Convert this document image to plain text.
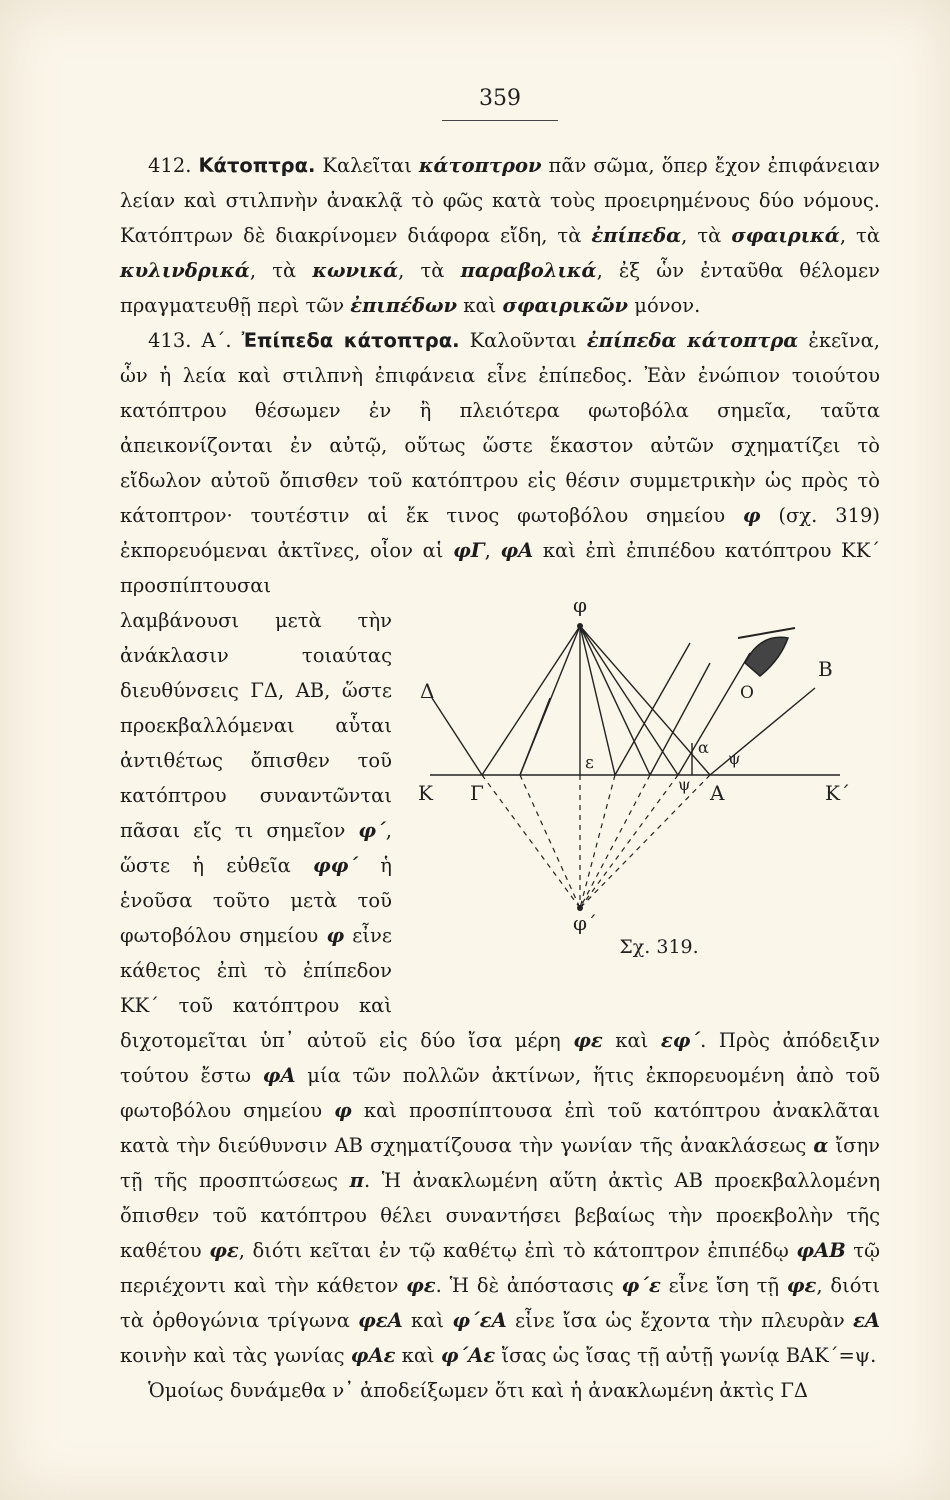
359

412. Κάτοπτρα. Καλεῖται κάτοπτρον πᾶν σῶμα, ὅπερ ἔχον ἐπιφάνειαν λείαν καὶ στιλπνὴν ἀνακλᾷ τὸ φῶς κατὰ τοὺς προειρημένους δύο νόμους. Κατόπτρων δὲ διακρίνομεν διάφορα εἴδη, τὰ ἐπίπεδα, τὰ σφαιρικά, τὰ κυλινδρικά, τὰ κωνικά, τὰ παραβολικά, ἐξ ὧν ἐνταῦθα θέλομεν πραγματευθῇ περὶ τῶν ἐπιπέδων καὶ σφαιρικῶν μόνον.

413. Α΄. Ἐπίπεδα κάτοπτρα. Καλοῦνται ἐπίπεδα κάτοπτρα ἐκεῖνα, ὧν ἡ λεία καὶ στιλπνὴ ἐπιφάνεια εἶνε ἐπίπεδος. Ἐὰν ἐνώπιον τοιούτου κατόπτρου θέσωμεν ἐν ἢ πλειότερα φωτοβόλα σημεῖα, ταῦτα ἀπεικονίζονται ἐν αὐτῷ, οὕτως ὥστε ἕκαστον αὐτῶν σχηματίζει τὸ εἴδωλον αὐτοῦ ὄπισθεν τοῦ κατόπτρου εἰς θέσιν συμμετρικὴν ὡς πρὸς τὸ κάτοπτρον· τουτέστιν αἱ ἔκ τινος φωτοβόλου σημείου φ (σχ. 319) ἐκπορευόμεναι ἀκτῖνες, οἷον αἱ φΓ, φΑ
φ
φ΄
Κ	Κ΄
Γ
Δ
Α
Β
ε
Ο
α
ψ
ψ
Σχ. 319.
καὶ ἐπὶ ἐπιπέδου κατόπτρου ΚΚ΄ προσπίπτουσαι λαμβάνουσι μετὰ τὴν ἀνάκλασιν τοιαύτας διευθύνσεις ΓΔ, ΑΒ, ὥστε προεκβαλλόμεναι αὗται ἀντιθέτως ὄπισθεν τοῦ κατόπτρου συναντῶνται πᾶσαι εἴς τι σημεῖον φ΄, ὥστε ἡ εὐθεῖα φφ΄ ἡ ἑνοῦσα τοῦτο μετὰ τοῦ φωτοβόλου σημείου φ εἶνε κάθετος ἐπὶ τὸ ἐπίπεδον ΚΚ΄ τοῦ κατόπτρου καὶ διχοτομεῖται ὑπ᾽ αὐτοῦ εἰς δύο ἴσα μέρη φε καὶ εφ΄. Πρὸς ἀπόδειξιν τούτου ἔστω φΑ μία τῶν πολλῶν ἀκτίνων, ἥτις ἐκπορευομένη ἀπὸ τοῦ φωτοβόλου σημείου φ καὶ προσπίπτουσα ἐπὶ τοῦ κατόπτρου ἀνακλᾶται κατὰ τὴν διεύθυνσιν ΑΒ σχηματίζουσα τὴν γωνίαν τῆς ἀνακλάσεως α ἴσην τῇ τῆς προσπτώσεως π. Ἡ ἀνακλωμένη αὕτη ἀκτὶς ΑΒ προεκβαλλομένη ὄπισθεν τοῦ κατόπτρου θέλει συναντήσει βεβαίως τὴν προεκβολὴν τῆς καθέτου φε, διότι κεῖται ἐν τῷ καθέτῳ ἐπὶ τὸ κάτοπτρον ἐπιπέδῳ φΑΒ τῷ περιέχοντι καὶ τὴν κάθετον φε. Ἡ δὲ ἀπόστασις φ΄ε εἶνε ἴση τῇ φε, διότι τὰ ὀρθογώνια τρίγωνα φεΑ καὶ φ΄εΑ εἶνε ἴσα ὡς ἔχοντα τὴν πλευρὰν εΑ κοινὴν καὶ τὰς γωνίας φΑε καὶ φ΄Αε ἴσας ὡς ἴσας τῇ αὐτῇ γωνίᾳ ΒΑΚ΄=ψ.

Ὁμοίως δυνάμεθα ν᾽ ἀποδείξωμεν ὅτι καὶ ἡ ἀνακλωμένη ἀκτὶς ΓΔ
